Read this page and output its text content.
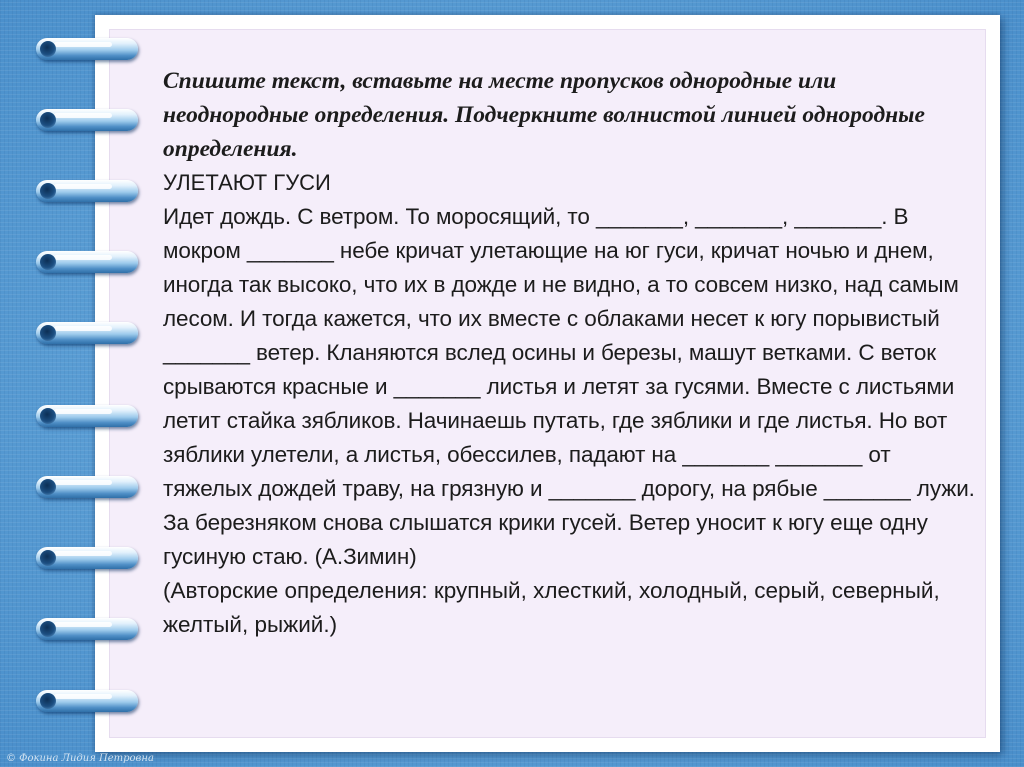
Спишите текст, вставьте на месте пропусков однородные или неоднородные определения. Подчеркните волнистой линией однородные определения.

УЛЕТАЮТ ГУСИ

Идет дождь. С ветром. То моросящий, то _______, _______, _______. В мокром _______ небе кричат улетающие на юг гуси, кричат ночью и днем, иногда так высоко, что их в дожде и не видно, а то совсем низко, над самым лесом. И тогда кажется, что их вместе с облаками несет к югу порывистый _______ ветер. Кланяются вслед осины и березы, машут ветками. С веток срываются красные и _______ листья и летят за гусями. Вместе с листьями летит стайка зябликов. Начинаешь путать, где зяблики и где листья. Но вот зяблики улетели, а листья, обессилев, падают на _______ _______ от тяжелых дождей траву, на грязную и _______ дорогу, на рябые _______ лужи. За березняком снова слышатся крики гусей. Ветер уносит к югу еще одну гусиную стаю. (А.Зимин)

(Авторские определения: крупный, хлесткий, холодный, серый, северный, желтый, рыжий.)

© Фокина Лидия Петровна
